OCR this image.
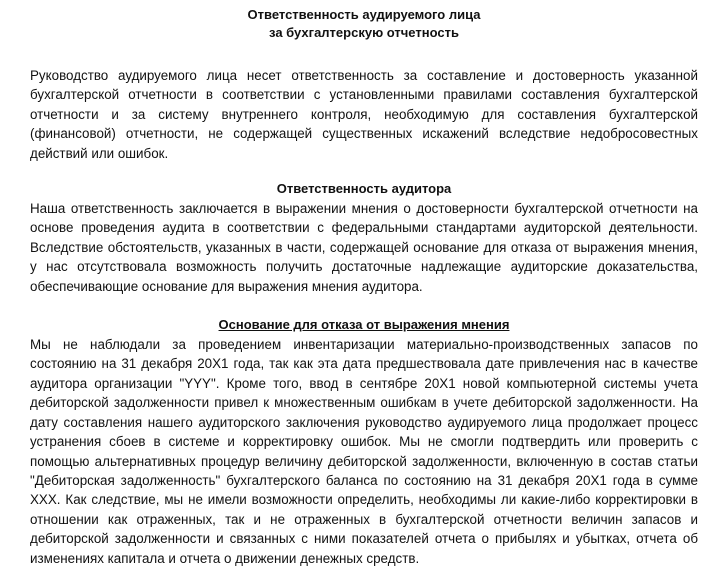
Ответственность аудируемого лица

за бухгалтерскую отчетность

Руководство аудируемого лица несет ответственность за составление и достоверность указанной бухгалтерской отчетности в соответствии с установленными правилами составления бухгалтерской отчетности и за систему внутреннего контроля, необходимую для составления бухгалтерской (финансовой) отчетности, не содержащей существенных искажений вследствие недобросовестных действий или ошибок.

Ответственность аудитора

Наша ответственность заключается в выражении мнения о достоверности бухгалтерской отчетности на основе проведения аудита в соответствии с федеральными стандартами аудиторской деятельности. Вследствие обстоятельств, указанных в части, содержащей основание для отказа от выражения мнения, у нас отсутствовала возможность получить достаточные надлежащие аудиторские доказательства, обеспечивающие основание для выражения мнения аудитора.

Основание для отказа от выражения мнения

Мы не наблюдали за проведением инвентаризации материально-производственных запасов по состоянию на 31 декабря 20Х1 года, так как эта дата предшествовала дате привлечения нас в качестве аудитора организации "YYY". Кроме того, ввод в сентябре 20Х1 новой компьютерной системы учета дебиторской задолженности привел к множественным ошибкам в учете дебиторской задолженности. На дату составления нашего аудиторского заключения руководство аудируемого лица продолжает процесс устранения сбоев в системе и корректировку ошибок. Мы не смогли подтвердить или проверить с помощью альтернативных процедур величину дебиторской задолженности, включенную в состав статьи "Дебиторская задолженность" бухгалтерского баланса по состоянию на 31 декабря 20Х1 года в сумме ХХХ. Как следствие, мы не имели возможности определить, необходимы ли какие-либо корректировки в отношении как отраженных, так и не отраженных в бухгалтерской отчетности величин запасов и дебиторской задолженности и связанных с ними показателей отчета о прибылях и убытках, отчета об изменениях капитала и отчета о движении денежных средств.
